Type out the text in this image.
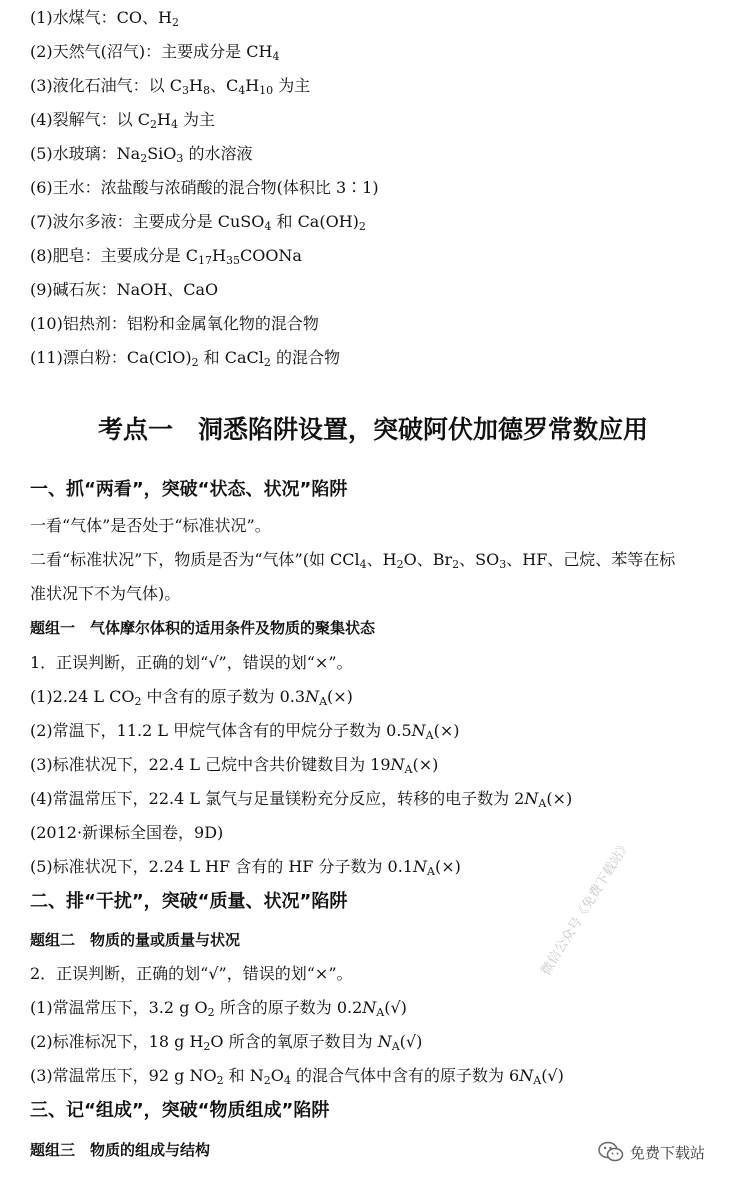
(1)水煤气：CO、$H_2$
(2)天然气(沼气)：主要成分是 $CH_4$
(3)液化石油气：以 $C_3H_8$、$C_4H_{10}$ 为主
(4)裂解气：以 $C_2H_4$ 为主
(5)水玻璃：$Na_2SiO_3$ 的水溶液
(6)王水：浓盐酸与浓硝酸的混合物(体积比 3∶1)
(7)波尔多液：主要成分是 CuSO$_4$ 和 $Ca(OH)_2$
(8)肥皂：主要成分是 $C_{17}H_{35}COONa$
(9)碱石灰：NaOH、CaO
(10)铝热剂：铝粉和金属氧化物的混合物
(11)漂白粉：$Ca(ClO)_2$ 和 CaCl$_2$ 的混合物
考点一　洞悉陷阱设置，突破阿伏加德罗常数应用
一、抓“两看”，突破“状态、状况”陷阱
一看“气体”是否处于“标准状况”。
二看“标准状况”下，物质是否为“气体”(如 CCl$_4$、$H_2O$、$Br_2$、$SO_3$、HF、己烷、苯等在标
准状况下不为气体)。
题组一　气体摩尔体积的适用条件及物质的聚集状态
1．正误判断，正确的划“√”，错误的划“×”。
(1)2.24 L $CO_2$ 中含有的原子数为 $0.3N_A(\times)$
(2)常温下，11.2 L 甲烷气体含有的甲烷分子数为 $0.5N_A(\times)$
(3)标准状况下，22.4 L 己烷中含共价键数目为 $19N_A(\times)$
(4)常温常压下，22.4 L 氯气与足量镁粉充分反应，转移的电子数为 $2N_A(\times)$
(2012·新课标全国卷，9D)
(5)标准状况下，2.24 L HF 含有的 HF 分子数为 $0.1N_A(\times)$
二、排“干扰”，突破“质量、状况”陷阱
题组二　物质的量或质量与状况
2．正误判断，正确的划“√”，错误的划“×”。
(1)常温常压下，3.2 g $O_2$ 所含的原子数为 $0.2N_A(√)$
(2)标准标况下，18 g $H_2O$ 所含的氧原子数目为 $N_A(√)$
(3)常温常压下，92 g $NO_2$ 和 $N_2O_4$ 的混合气体中含有的原子数为 $6N_A(√)$
三、记“组成”，突破“物质组成”陷阱
题组三　物质的组成与结构
微信公众号《免费下载站》
免费下载站
